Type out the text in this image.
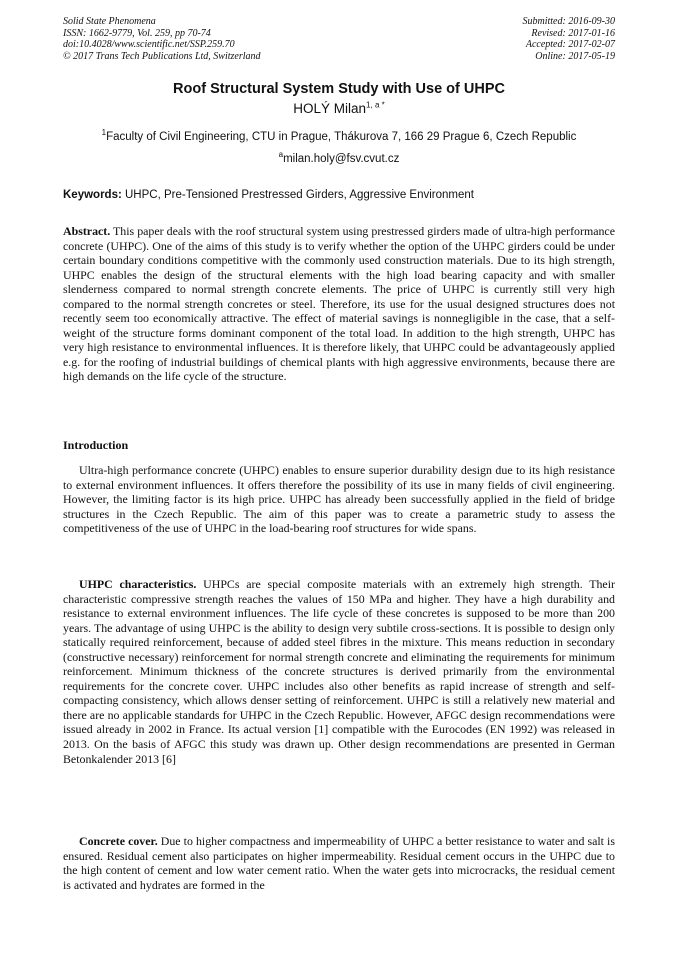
Solid State Phenomena
ISSN: 1662-9779, Vol. 259, pp 70-74
doi:10.4028/www.scientific.net/SSP.259.70
© 2017 Trans Tech Publications Ltd, Switzerland
Submitted: 2016-09-30
Revised: 2017-01-16
Accepted: 2017-02-07
Online: 2017-05-19
Roof Structural System Study with Use of UHPC
HOLÝ Milan$^{1, a *}$
$^1$Faculty of Civil Engineering, CTU in Prague, Thákurova 7, 166 29 Prague 6, Czech Republic
$^a$milan.holy@fsv.cvut.cz
Keywords: UHPC, Pre-Tensioned Prestressed Girders, Aggressive Environment
Abstract. This paper deals with the roof structural system using prestressed girders made of ultra-high performance concrete (UHPC). One of the aims of this study is to verify whether the option of the UHPC girders could be under certain boundary conditions competitive with the commonly used construction materials. Due to its high strength, UHPC enables the design of the structural elements with the high load bearing capacity and with smaller slenderness compared to normal strength concrete elements. The price of UHPC is currently still very high compared to the normal strength concretes or steel. Therefore, its use for the usual designed structures does not recently seem too economically attractive. The effect of material savings is nonnegligible in the case, that a self-weight of the structure forms dominant component of the total load. In addition to the high strength, UHPC has very high resistance to environmental influences. It is therefore likely, that UHPC could be advantageously applied e.g. for the roofing of industrial buildings of chemical plants with high aggressive environments, because there are high demands on the life cycle of the structure.
Introduction
Ultra-high performance concrete (UHPC) enables to ensure superior durability design due to its high resistance to external environment influences. It offers therefore the possibility of its use in many fields of civil engineering. However, the limiting factor is its high price. UHPC has already been successfully applied in the field of bridge structures in the Czech Republic. The aim of this paper was to create a parametric study to assess the competitiveness of the use of UHPC in the load-bearing roof structures for wide spans.
UHPC characteristics. UHPCs are special composite materials with an extremely high strength. Their characteristic compressive strength reaches the values of 150 MPa and higher. They have a high durability and resistance to external environment influences. The life cycle of these concretes is supposed to be more than 200 years. The advantage of using UHPC is the ability to design very subtile cross-sections. It is possible to design only statically required reinforcement, because of added steel fibres in the mixture. This means reduction in secondary (constructive necessary) reinforcement for normal strength concrete and eliminating the requirements for minimum reinforcement. Minimum thickness of the concrete structures is derived primarily from the environmental requirements for the concrete cover. UHPC includes also other benefits as rapid increase of strength and self-compacting consistency, which allows denser setting of reinforcement. UHPC is still a relatively new material and there are no applicable standards for UHPC in the Czech Republic. However, AFGC design recommendations were issued already in 2002 in France. Its actual version [1] compatible with the Eurocodes (EN 1992) was released in 2013. On the basis of AFGC this study was drawn up. Other design recommendations are presented in German Betonkalender 2013 [6]
Concrete cover. Due to higher compactness and impermeability of UHPC a better resistance to water and salt is ensured. Residual cement also participates on higher impermeability. Residual cement occurs in the UHPC due to the high content of cement and low water cement ratio. When the water gets into microcracks, the residual cement is activated and hydrates are formed in the
